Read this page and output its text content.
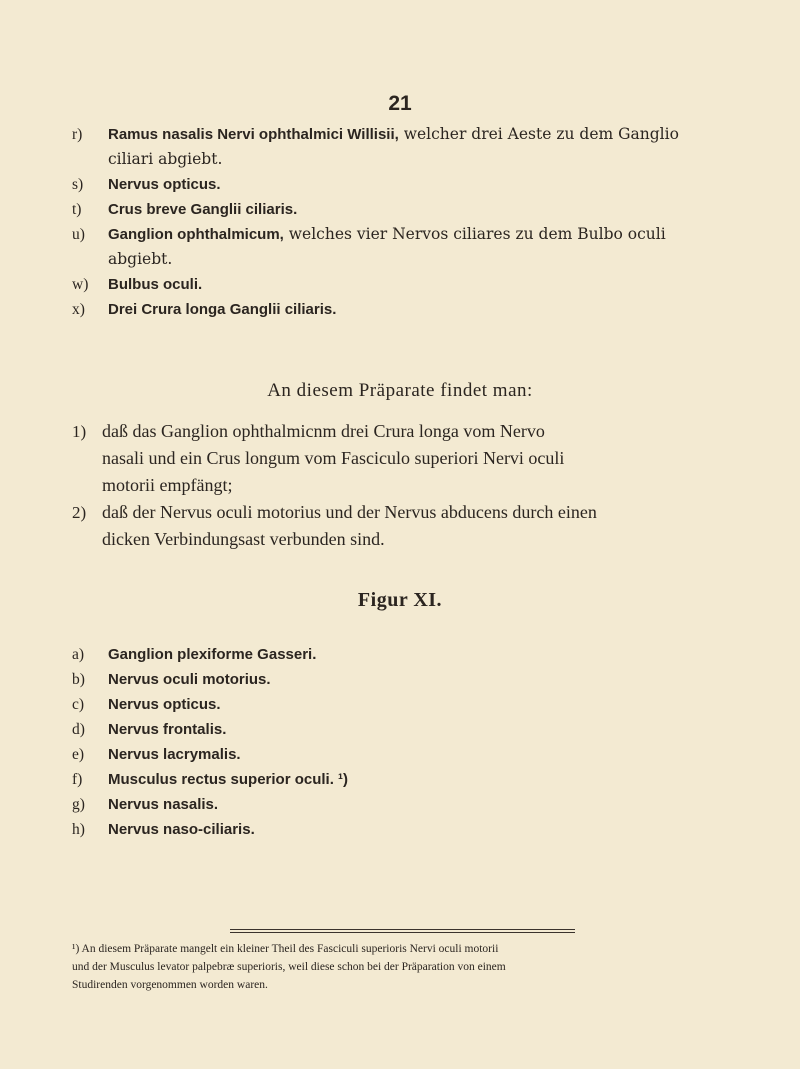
21
r)	Ramus nasalis Nervi ophthalmici Willisii, welcher drei Aeste zu dem Ganglio
ciliari abgiebt.
s)	Nervus opticus.
t)	Crus breve Ganglii ciliaris.
u)	Ganglion ophthalmicum, welches vier Nervos ciliares zu dem Bulbo oculi
abgiebt.
w)	Bulbus oculi.
x)	Drei Crura longa Ganglii ciliaris.
An diesem Präparate findet man:
1) daß das Ganglion ophthalmicnm drei Crura longa vom Nervo
nasali und ein Crus longum vom Fasciculo superiori Nervi oculi
motorii empfängt;
2) daß der Nervus oculi motorius und der Nervus abducens durch einen
dicken Verbindungsast verbunden sind.
Figur XI.
a)	Ganglion plexiforme Gasseri.
b)	Nervus oculi motorius.
c)	Nervus opticus.
d)	Nervus frontalis.
e)	Nervus lacrymalis.
f)	Musculus rectus superior oculi. ¹)
g)	Nervus nasalis.
h)	Nervus naso-ciliaris.
¹) An diesem Präparate mangelt ein kleiner Theil des Fasciculi superioris Nervi oculi motorii
und der Musculus levator palpebræ superioris, weil diese schon bei der Präparation von einem
Studirenden vorgenommen worden waren.
